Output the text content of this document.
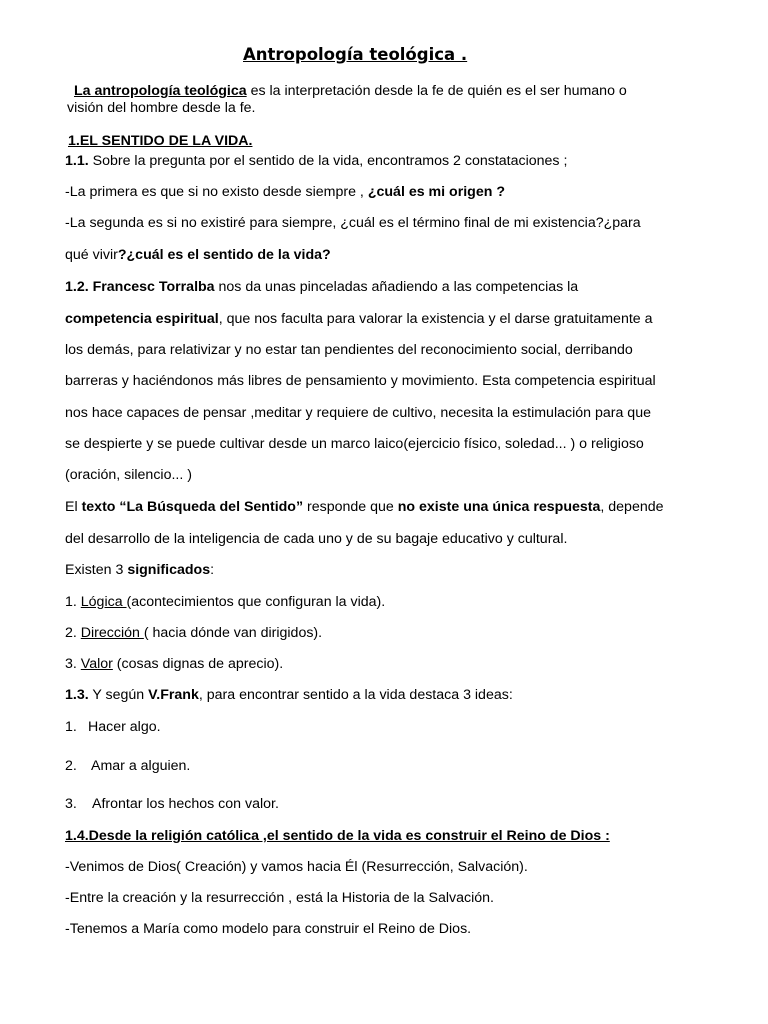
Antropología teológica .
La antropología teológica es la interpretación desde la fe de quién es el ser humano o
visión del hombre desde la fe.
1.EL SENTIDO DE LA VIDA.
1.1. Sobre la pregunta por el sentido de la vida, encontramos 2 constataciones ;
-La primera es que si no existo desde siempre , ¿cuál es mi origen ?
-La segunda es si no existiré para siempre, ¿cuál es el término final de mi existencia?¿para
qué vivir?¿cuál es el sentido de la vida?
1.2. Francesc Torralba nos da unas pinceladas añadiendo a las competencias la
competencia espiritual, que nos faculta para valorar la existencia y el darse gratuitamente a
los demás, para relativizar y no estar tan pendientes del reconocimiento social, derribando
barreras y haciéndonos más libres de pensamiento y movimiento. Esta competencia espiritual
nos hace capaces de pensar ,meditar y requiere de cultivo, necesita la estimulación para que
se despierte y se puede cultivar desde un marco laico(ejercicio físico, soledad... ) o religioso
(oración, silencio... )
El texto “La Búsqueda del Sentido” responde que no existe una única respuesta, depende
del desarrollo de la inteligencia de cada uno y de su bagaje educativo y cultural.
Existen 3 significados:
1. Lógica (acontecimientos que configuran la vida).
2. Dirección ( hacia dónde van dirigidos).
3. Valor (cosas dignas de aprecio).
1.3. Y según V.Frank, para encontrar sentido a la vida destaca 3 ideas:
1. Hacer algo.
2. Amar a alguien.
3. Afrontar los hechos con valor.
1.4.Desde la religión católica ,el sentido de la vida es construir el Reino de Dios :
-Venimos de Dios( Creación) y vamos hacia Él (Resurrección, Salvación).
-Entre la creación y la resurrección , está la Historia de la Salvación.
-Tenemos a María como modelo para construir el Reino de Dios.
